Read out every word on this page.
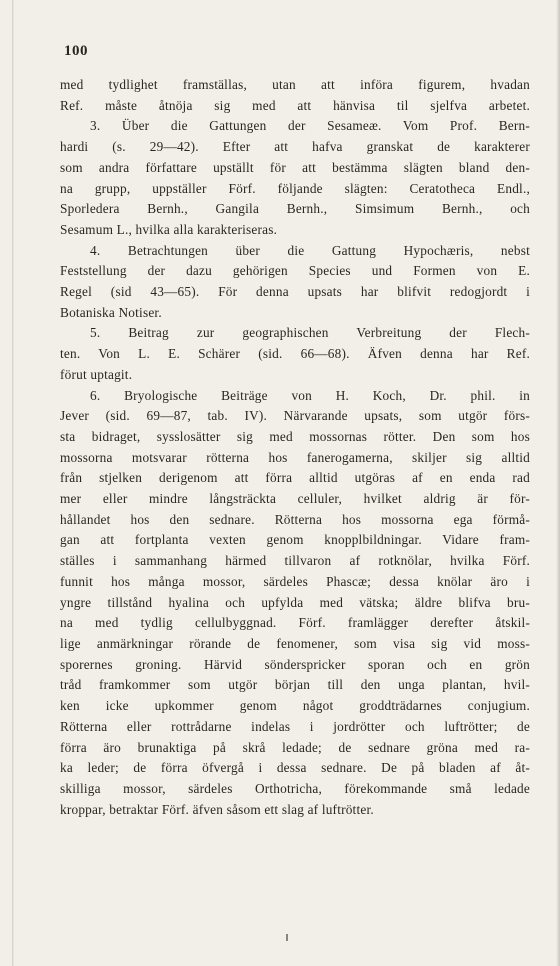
100
med tydlighet framställas, utan att införa figurem, hvadan
Ref. måste åtnöja sig med att hänvisa til sjelfva arbetet.
3. Über die Gattungen der Sesameæ. Vom Prof. Bern-
hardi (s. 29—42). Efter att hafva granskat de karakterer
som andra författare upställt för att bestämma slägten bland den-
na grupp, uppställer Förf. följande slägten: Ceratotheca Endl.,
Sporledera Bernh., Gangila Bernh., Simsimum Bernh., och
Sesamum L., hvilka alla karakteriseras.
4. Betrachtungen über die Gattung Hypochæris, nebst
Feststellung der dazu gehörigen Species und Formen von E.
Regel (sid 43—65). För denna upsats har blifvit redogjordt i
Botaniska Notiser.
5. Beitrag zur geographischen Verbreitung der Flech-
ten. Von L. E. Schärer (sid. 66—68). Äfven denna har Ref.
förut uptagit.
6. Bryologische Beiträge von H. Koch, Dr. phil. in
Jever (sid. 69—87, tab. IV). Närvarande upsats, som utgör förs-
sta bidraget, sysslosätter sig med mossornas rötter. Den som hos
mossorna motsvarar rötterna hos fanerogamerna, skiljer sig alltid
från stjelken derigenom att förra alltid utgöras af en enda rad
mer eller mindre långsträckta celluler, hvilket aldrig är för-
hållandet hos den sednare. Rötterna hos mossorna ega förmå-
gan att fortplanta vexten genom knopplbildningar. Vidare fram-
ställes i sammanhang härmed tillvaron af rotknölar, hvilka Förf.
funnit hos många mossor, särdeles Phascæ; dessa knölar äro i
yngre tillstånd hyalina och upfylda med vätska; äldre blifva bru-
na med tydlig cellulbyggnad. Förf. framlägger derefter åtskil-
lige anmärkningar rörande de fenomener, som visa sig vid moss-
sporernes groning. Härvid sönderspricker sporan och en grön
tråd framkommer som utgör början till den unga plantan, hvil-
ken icke upkommer genom något groddträdarnes conjugium.
Rötterna eller rottrådarne indelas i jordrötter och luftrötter; de
förra äro brunaktiga på skrå ledade; de sednare gröna med ra-
ka leder; de förra öfvergå i dessa sednare. De på bladen af åt-
skilliga mossor, särdeles Orthotricha, förekommande små ledade
kroppar, betraktar Förf. äfven såsom ett slag af luftrötter.
